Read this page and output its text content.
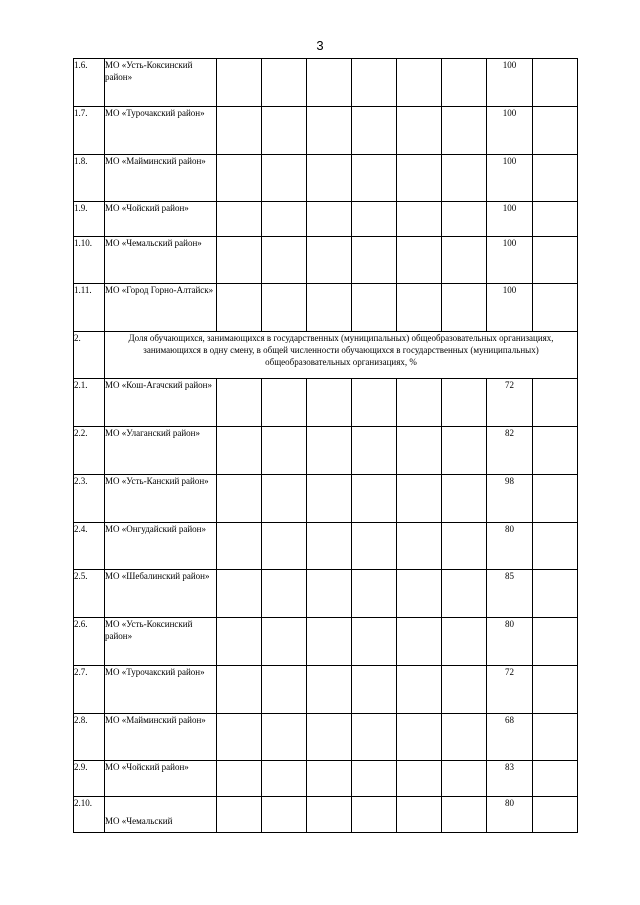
3
1.6.	МО «Усть-Коксинский район»							100	
1.7.	МО «Турочакский район»							100	
1.8.	МО «Майминский район»							100	
1.9.	МО «Чойский район»							100	
1.10.	МО «Чемальский район»							100	
1.11.	МО «Город Горно-Алтайск»							100	
2.	Доля обучающихся, занимающихся в государственных (муниципальных) общеобразовательных организациях, занимающихся в одну смену, в общей численности обучающихся в государственных (муниципальных) общеобразовательных организациях, %								
2.1.	МО «Кош-Агачский район»							72	
2.2.	МО «Улаганский район»							82	
2.3.	МО «Усть-Канский район»							98	
2.4.	МО «Онгудайский район»							80	
2.5.	МО «Шебалинский район»							85	
2.6.	МО «Усть-Коксинский район»							80	
2.7.	МО «Турочакский район»							72	
2.8.	МО «Майминский район»							68	
2.9.	МО «Чойский район»							83	
2.10.	МО «Чемальский							80	
